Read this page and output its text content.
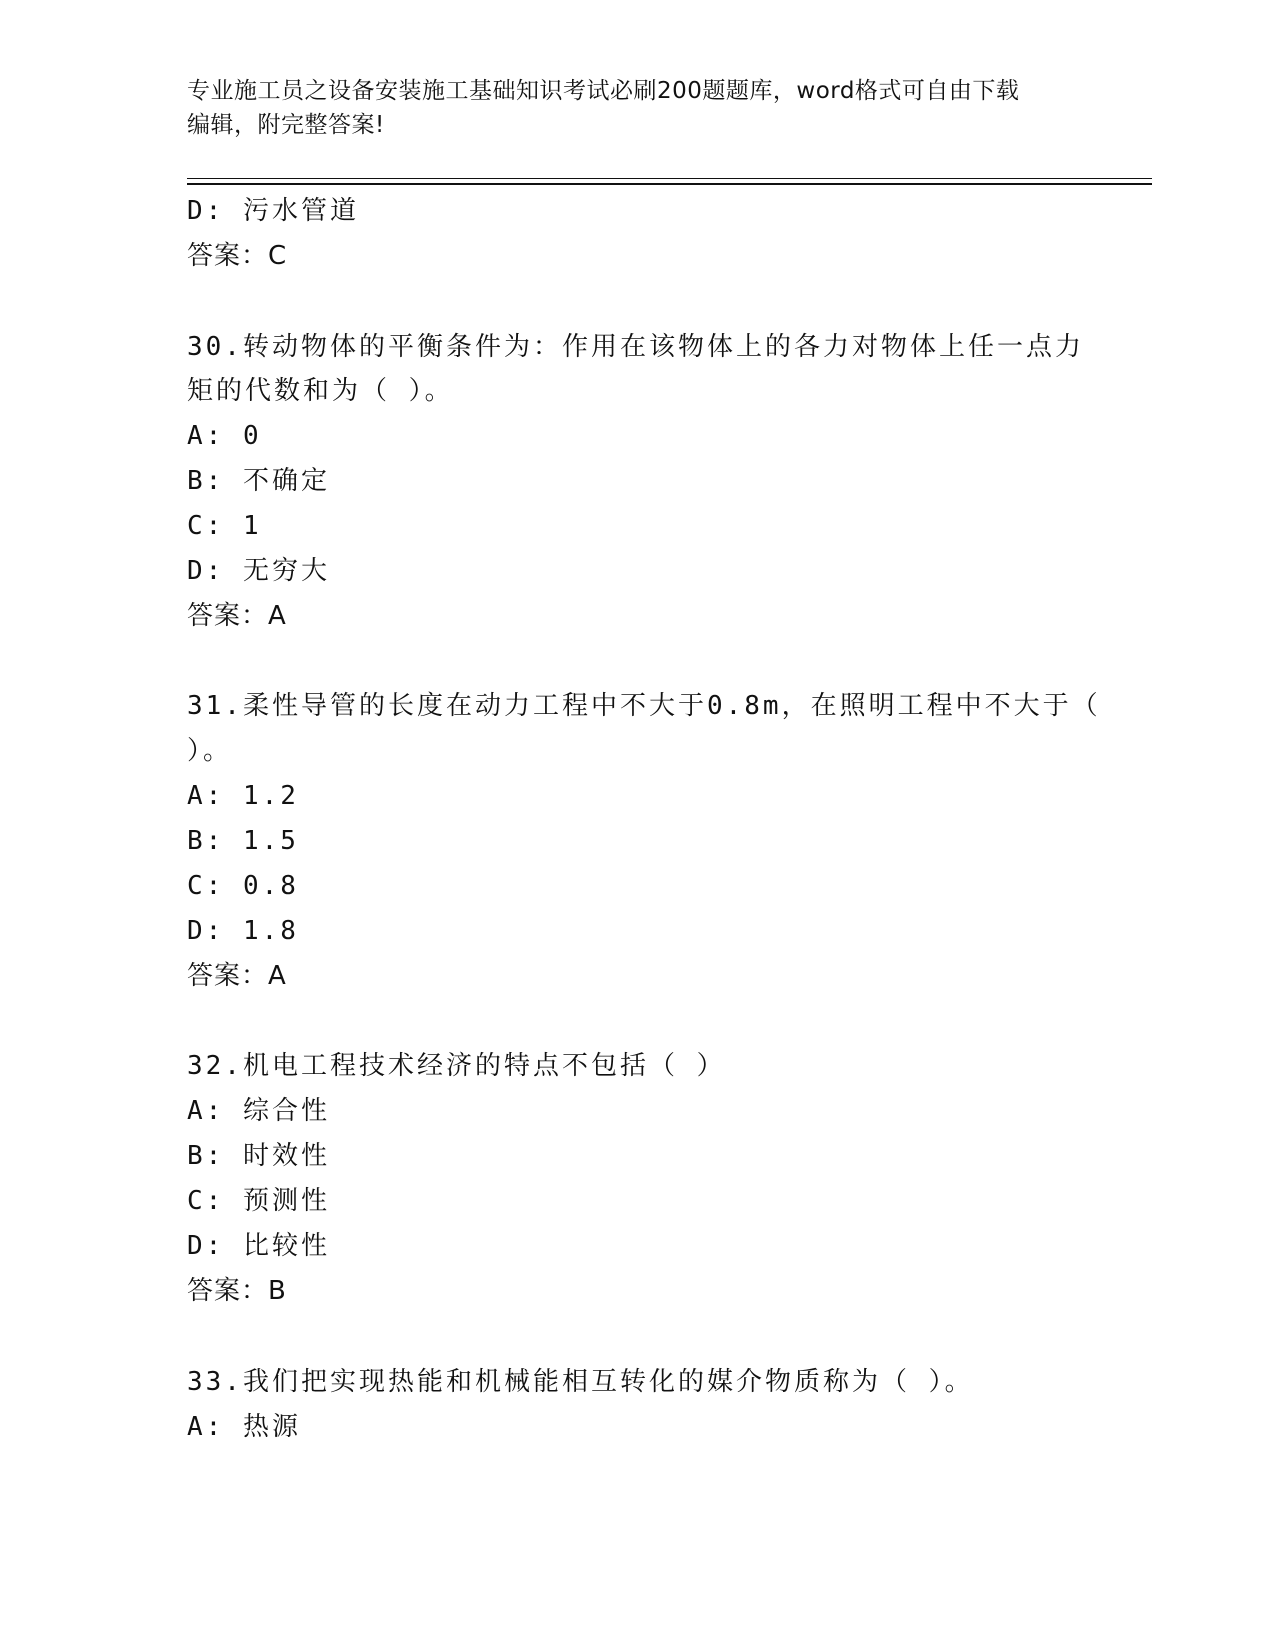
专业施工员之设备安装施工基础知识考试必刷200题题库，word格式可自由下载
编辑，附完整答案!
D: 污水管道
答案：C
30.转动物体的平衡条件为：作用在该物体上的各力对物体上任一点力
矩的代数和为（ ）。
A: 0
B: 不确定
C: 1
D: 无穷大
答案：A
31.柔性导管的长度在动力工程中不大于0.8m，在照明工程中不大于（
）。
A: 1.2
B: 1.5
C: 0.8
D: 1.8
答案：A
32.机电工程技术经济的特点不包括（ ）
A: 综合性
B: 时效性
C: 预测性
D: 比较性
答案：B
33.我们把实现热能和机械能相互转化的媒介物质称为（ ）。
A: 热源
